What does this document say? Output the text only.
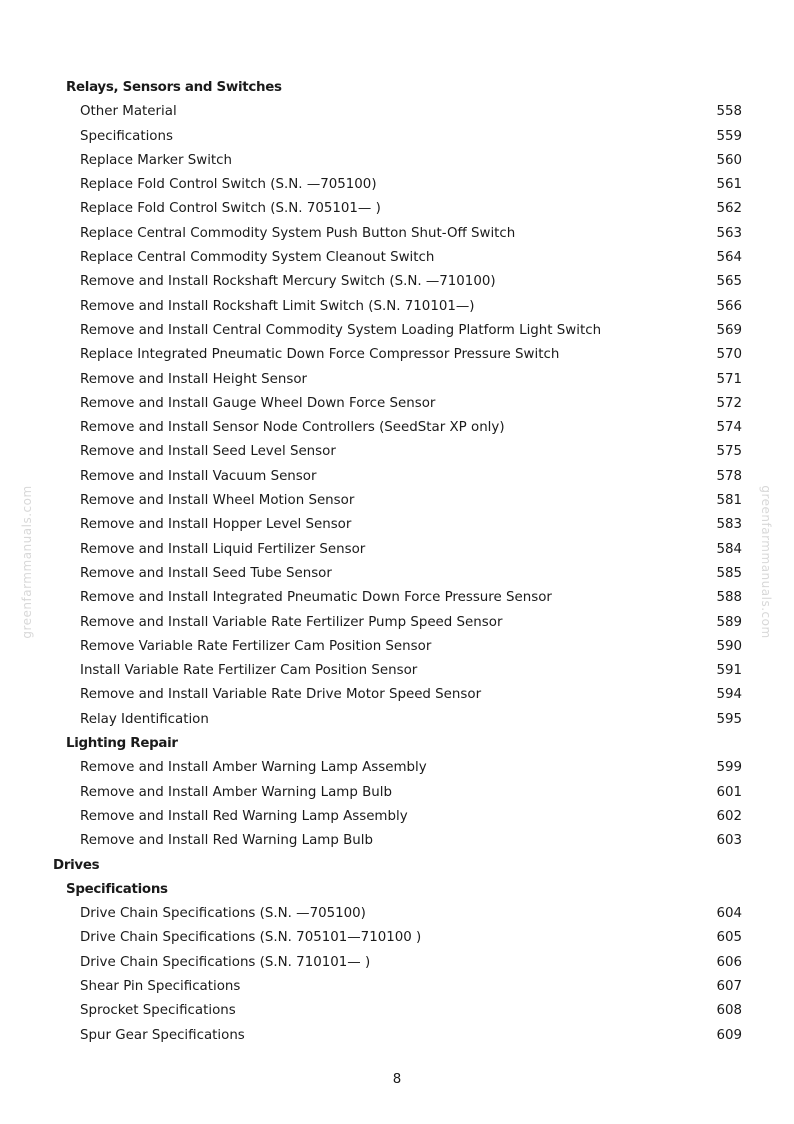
greenfarmmanuals.com	greenfarmmanuals.com
Relays, Sensors and Switches
Other Material	558
Specifications	559
Replace Marker Switch	560
Replace Fold Control Switch (S.N. —705100)	561
Replace Fold Control Switch (S.N. 705101— )	562
Replace Central Commodity System Push Button Shut-Off Switch	563
Replace Central Commodity System Cleanout Switch	564
Remove and Install Rockshaft Mercury Switch (S.N. —710100)	565
Remove and Install Rockshaft Limit Switch (S.N. 710101—)	566
Remove and Install Central Commodity System Loading Platform Light Switch	569
Replace Integrated Pneumatic Down Force Compressor Pressure Switch	570
Remove and Install Height Sensor	571
Remove and Install Gauge Wheel Down Force Sensor	572
Remove and Install Sensor Node Controllers (SeedStar XP only)	574
Remove and Install Seed Level Sensor	575
Remove and Install Vacuum Sensor	578
Remove and Install Wheel Motion Sensor	581
Remove and Install Hopper Level Sensor	583
Remove and Install Liquid Fertilizer Sensor	584
Remove and Install Seed Tube Sensor	585
Remove and Install Integrated Pneumatic Down Force Pressure Sensor	588
Remove and Install Variable Rate Fertilizer Pump Speed Sensor	589
Remove Variable Rate Fertilizer Cam Position Sensor	590
Install Variable Rate Fertilizer Cam Position Sensor	591
Remove and Install Variable Rate Drive Motor Speed Sensor	594
Relay Identification	595
Lighting Repair
Remove and Install Amber Warning Lamp Assembly	599
Remove and Install Amber Warning Lamp Bulb	601
Remove and Install Red Warning Lamp Assembly	602
Remove and Install Red Warning Lamp Bulb	603
Drives
Specifications
Drive Chain Specifications (S.N. —705100)	604
Drive Chain Specifications (S.N. 705101—710100 )	605
Drive Chain Specifications (S.N. 710101— )	606
Shear Pin Specifications	607
Sprocket Specifications	608
Spur Gear Specifications	609
8
